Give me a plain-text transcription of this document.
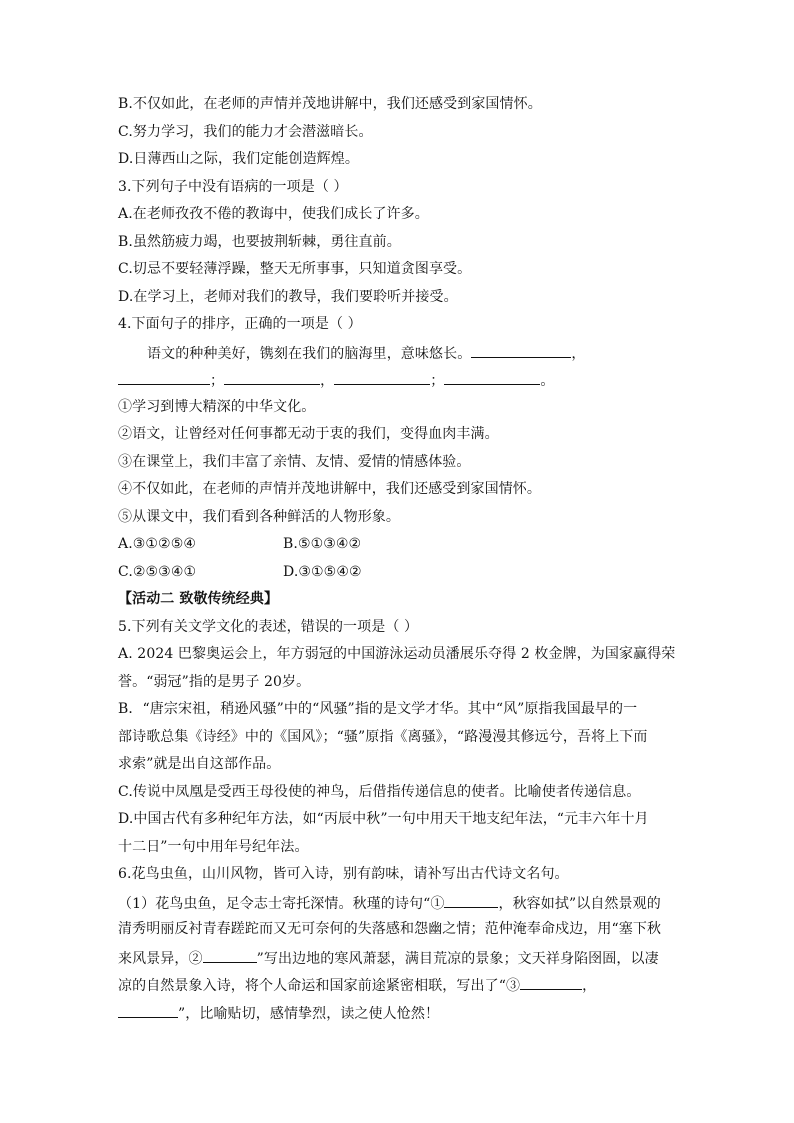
B.不仅如此，在老师的声情并茂地讲解中，我们还感受到家国情怀。
C.努力学习，我们的能力才会潜滋暗长。
D.日薄西山之际，我们定能创造辉煌。
3.下列句子中没有语病的一项是（ ）
A.在老师孜孜不倦的教诲中，使我们成长了许多。
B.虽然筋疲力竭，也要披荆斩棘，勇往直前。
C.切忌不要轻薄浮躁，整天无所事事，只知道贪图享受。
D.在学习上，老师对我们的教导，我们要聆听并接受。
4.下面句子的排序，正确的一项是（ ）
语文的种种美好，镌刻在我们的脑海里，意味悠长。	，
；	，	；	。
①学习到博大精深的中华文化。
②语文，让曾经对任何事都无动于衷的我们，变得血肉丰满。
③在课堂上，我们丰富了亲情、友情、爱情的情感体验。
④不仅如此，在老师的声情并茂地讲解中，我们还感受到家国情怀。
⑤从课文中，我们看到各种鲜活的人物形象。
A.③①②⑤④	B.⑤①③④②
C.②⑤③④①	D.③①⑤④②
【活动二 致敬传统经典】
5.下列有关文学文化的表述，错误的一项是（ ）
A. 2024 巴黎奥运会上，年方弱冠的中国游泳运动员潘展乐夺得 2 枚金牌，为国家赢得荣
誉。“弱冠”指的是男子 20岁。
B．“唐宗宋祖，稍逊风骚”中的“风骚”指的是文学才华。其中“风”原指我国最早的一
部诗歌总集《诗经》中的《国风》；“骚”原指《离骚》，“路漫漫其修远兮，吾将上下而
求索”就是出自这部作品。
C.传说中凤凰是受西王母役使的神鸟，后借指传递信息的使者。比喻使者传递信息。
D.中国古代有多种纪年方法，如“丙辰中秋”一句中用天干地支纪年法，“元丰六年十月
十二日”一句中用年号纪年法。
6.花鸟虫鱼，山川风物，皆可入诗，别有韵味，请补写出古代诗文名句。
（1）花鸟虫鱼，足令志士寄托深情。秋瑾的诗句“①	，秋容如拭”以自然景观的
清秀明丽反衬青春蹉跎而又无可奈何的失落感和怨幽之情；范仲淹奉命戍边，用“塞下秋
来风景异，②	”写出边地的寒风萧瑟，满目荒凉的景象；文天祥身陷囹圄，以凄
凉的自然景象入诗，将个人命运和国家前途紧密相联，写出了“③	，
”，比喻贴切，感情挚烈，读之使人怆然！
